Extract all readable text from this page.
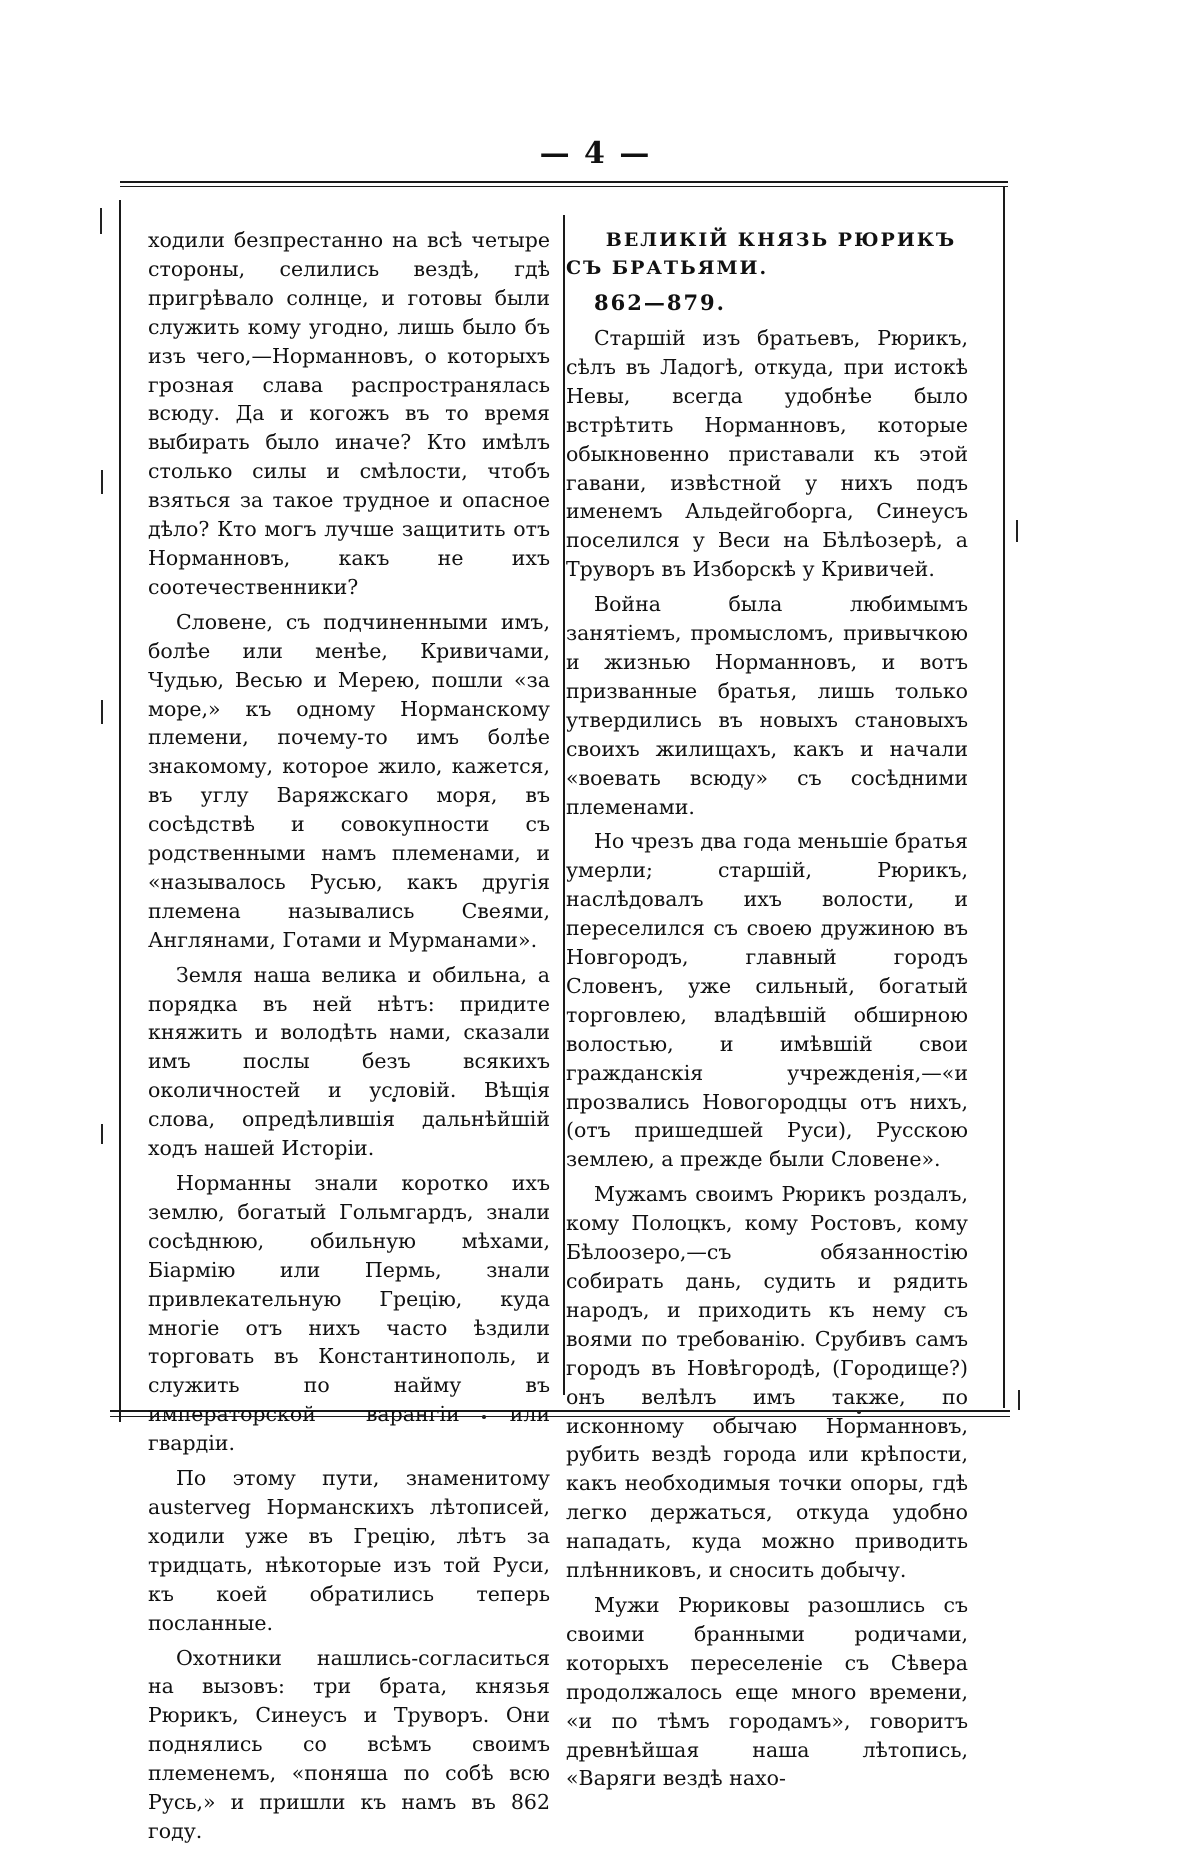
— 4 —

ходили безпрестанно на всѣ четыре стороны, селились вездѣ, гдѣ пригрѣвало солнце, и готовы были служить кому угодно, лишь было бъ изъ чего,—Норманновъ, о которыхъ грозная слава распространялась всюду. Да и когожъ въ то время выбирать было иначе? Кто имѣлъ столько силы и смѣлости, чтобъ взяться за такое трудное и опасное дѣло? Кто могъ лучше защитить отъ Норманновъ, какъ не ихъ соотечественники?

Словене, съ подчиненными имъ, болѣе или менѣе, Кривичами, Чудью, Весью и Мерею, пошли «за море,» къ одному Норманскому племени, почему-то имъ болѣе знакомому, которое жило, кажется, въ углу Варяжскаго моря, въ сосѣдствѣ и совокупности съ родственными намъ племенами, и «называлось Русью, какъ другія племена назывались Свеями, Англянами, Готами и Мурманами».

Земля наша велика и обильна, а порядка въ ней нѣтъ: придите княжить и володѣть нами, сказали имъ послы безъ всякихъ околичностей и условій. Вѣщія слова, опредѣлившія дальнѣйшій ходъ нашей Исторіи.

Норманны знали коротко ихъ землю, богатый Гольмгардъ, знали сосѣднюю, обильную мѣхами, Біармію или Пермь, знали привлекательную Грецію, куда многіе отъ нихъ часто ѣздили торговать въ Константинополь, и служить по найму въ императорской варангіи или гвардіи.

По этому пути, знаменитому austerveg Норманскихъ лѣтописей, ходили уже въ Грецію, лѣтъ за тридцать, нѣкоторые изъ той Руси, къ коей обратились теперь посланные.

Охотники нашлись-согласиться на вызовъ: три брата, князья Рюрикъ, Синеусъ и Труворъ. Они поднялись со всѣмъ своимъ племенемъ, «поняша по собѣ всю Русь,» и пришли къ намъ въ 862 году.

ВЕЛИКІЙ КНЯЗЬ РЮРИКЪ СЪ БРАТЬЯМИ.

862—879.

Старшій изъ братьевъ, Рюрикъ, сѣлъ въ Ладогѣ, откуда, при истокѣ Невы, всегда удобнѣе было встрѣтить Норманновъ, которые обыкновенно приставали къ этой гавани, извѣстной у нихъ подъ именемъ Альдейгоборга, Синеусъ поселился у Веси на Бѣлѣозерѣ, а Труворъ въ Изборскѣ у Кривичей.

Война была любимымъ занятіемъ, промысломъ, привычкою и жизнью Норманновъ, и вотъ призванные братья, лишь только утвердились въ новыхъ становыхъ своихъ жилищахъ, какъ и начали «воевать всюду» съ сосѣдними племенами.

Но чрезъ два года меньшіе братья умерли; старшій, Рюрикъ, наслѣдовалъ ихъ волости, и переселился съ своею дружиною въ Новгородъ, главный городъ Словенъ, уже сильный, богатый торговлею, владѣвшій обширною волостью, и имѣвшій свои гражданскія учрежденія,—«и прозвались Новогородцы отъ нихъ, (отъ пришедшей Руси), Русскою землею, а прежде были Словене».

Мужамъ своимъ Рюрикъ роздалъ, кому Полоцкъ, кому Ростовъ, кому Бѣлоозеро,—съ обязанностію собирать дань, судить и рядить народъ, и приходить къ нему съ воями по требованію. Срубивъ самъ городъ въ Новѣгородѣ, (Городище?) онъ велѣлъ имъ также, по исконному обычаю Норманновъ, рубить вездѣ города или крѣпости, какъ необходимыя точки опоры, гдѣ легко держаться, откуда удобно нападать, куда можно приводить плѣнниковъ, и сносить добычу.

Мужи Рюриковы разошлись съ своими бранными родичами, которыхъ переселеніе съ Сѣвера продолжалось еще много времени, «и по тѣмъ городамъ», говоритъ древнѣйшая наша лѣтопись, «Варяги вездѣ нахо-
